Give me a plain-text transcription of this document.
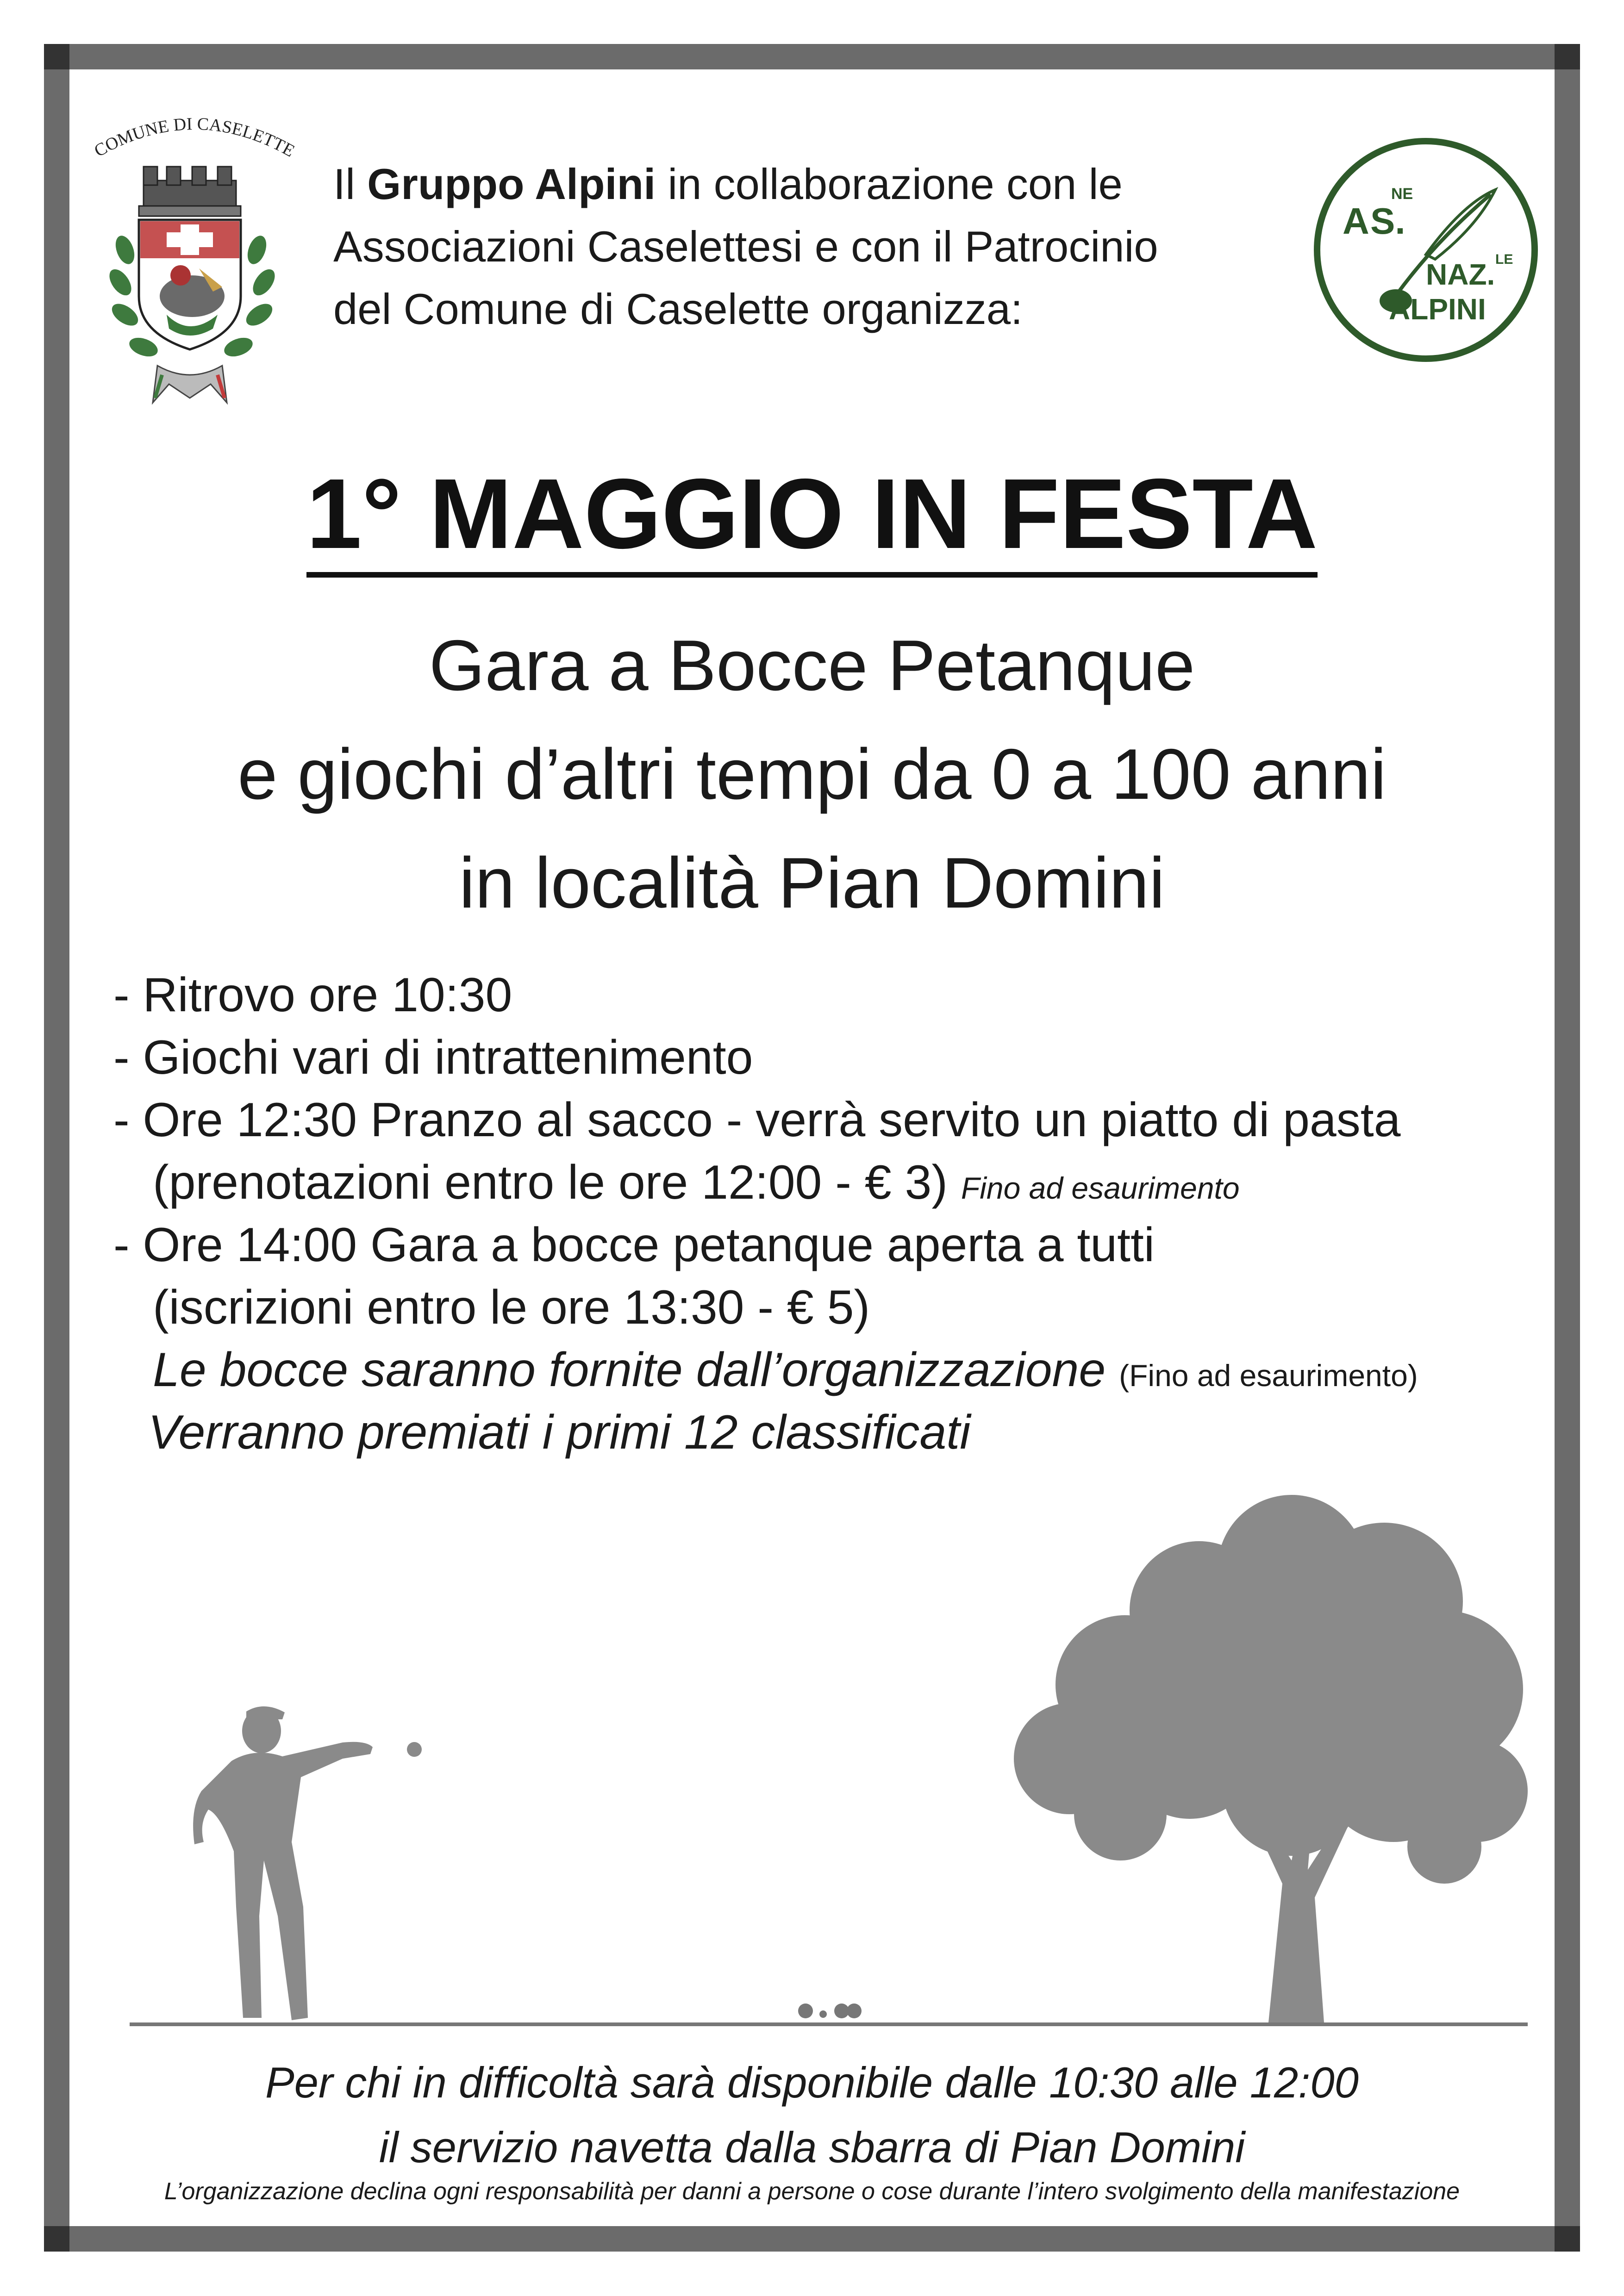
COMUNE DI CASELETTE
Il Gruppo Alpini in collaborazione con le
Associazioni Caselettesi e con il Patrocinio
del Comune di Caselette organizza:
A S.
NE
NAZ. LE
ALPINI
1° MAGGIO IN FESTA
Gara a Bocce Petanque
e giochi d’altri tempi da 0 a 100 anni
in località Pian Domini
- Ritrovo ore 10:30
- Giochi vari di intrattenimento
- Ore 12:30 Pranzo al sacco - verrà servito un piatto di pasta
(prenotazioni entro le ore 12:00 - € 3) Fino ad esaurimento
- Ore 14:00 Gara a bocce petanque aperta a tutti
(iscrizioni entro le ore 13:30 - € 5)
Le bocce saranno fornite dall’organizzazione (Fino ad esaurimento)
Verranno premiati i primi 12 classificati
Per chi in difficoltà sarà disponibile dalle 10:30 alle 12:00
il servizio navetta dalla sbarra di Pian Domini
L’organizzazione declina ogni responsabilità per danni a persone o cose durante l’intero svolgimento della manifestazione
